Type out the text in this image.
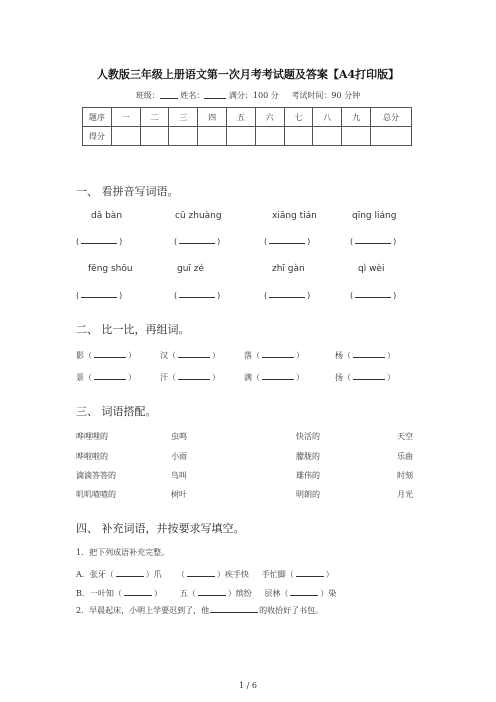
人教版三年级上册语文第一次月考考试题及答案【A4打印版】
班级：	姓名：	满分：100 分 考试时间：90 分钟
题序	一	二	三	四	五	六	七	八	九	总分
得分										
一、 看拼音写词语。
dǎ bàn	cū zhuàng	xiāng tián	qīng liáng
(	)	(	)	(	)	(	)
fēng shōu	guī zé	zhī gàn	qì wèi
(	)	(	)	(	)	(	)
二、 比一比，再组词。
影（	）	汉（	）	落（	）	杨（	）
景（	）	汗（	）	满（	）	扬（	）
三、 词语搭配。
哗哩哩的	虫鸣	快活的	天空
哗啦啦的	小雨	朦胧的	乐曲
滴滴答答的	鸟叫	雄伟的	时刻
叽叽喳喳的	树叶	明朗的	月光
四、 补充词语，并按要求写填空。
1．把下列成语补充完整。
A．张牙（	）爪 （	）疾手快 手忙脚（	）
B．一叶知（	） 五（	）缤纷 层林（	）染
2．早晨起床，小明上学要迟到了，他	的收拾好了书包。
1 / 6
